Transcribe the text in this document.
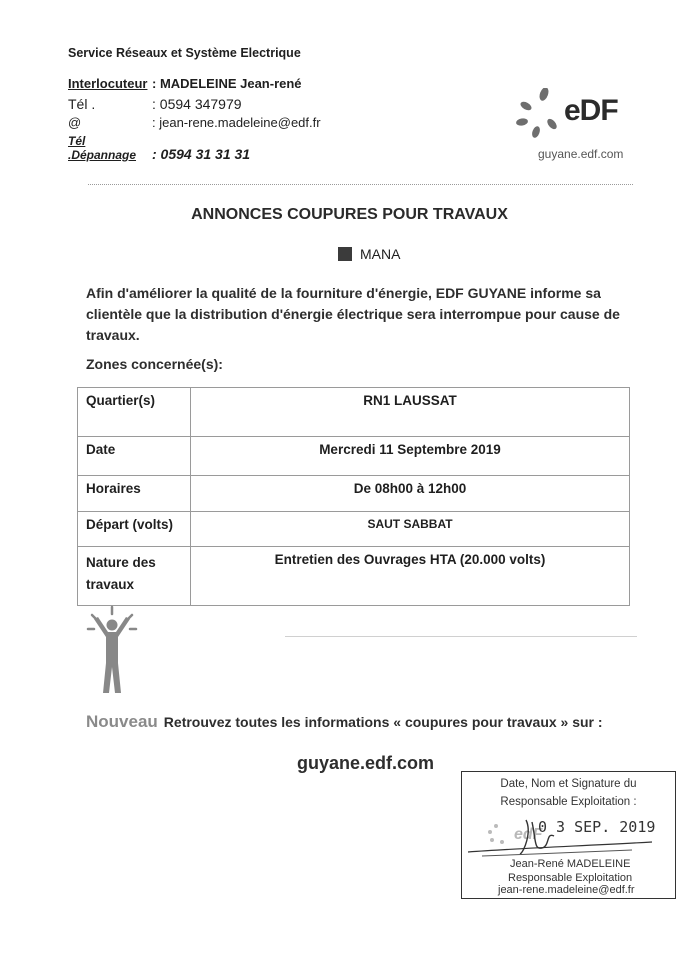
Service Réseaux et Système Electrique
Interlocuteur : MADELEINE Jean-rené
Tél .	: 0594 347979
@	: jean-rene.madeleine@edf.fr
Tél .Dépannage : 0594 31 31 31
eDF
guyane.edf.com
ANNONCES COUPURES POUR TRAVAUX
MANA
Afin d'améliorer la qualité de la fourniture d'énergie, EDF GUYANE informe sa clientèle que la distribution d'énergie électrique sera interrompue pour cause de travaux.
Zones concernée(s):
Quartier(s)	RN1 LAUSSAT
Date	Mercredi 11 Septembre 2019
Horaires	De 08h00 à 12h00
Départ (volts)	SAUT SABBAT
Nature des travaux	Entretien des Ouvrages HTA (20.000 volts)
Nouveau Retrouvez toutes les informations « coupures pour travaux » sur :
guyane.edf.com
Date, Nom et Signature du
Responsable Exploitation :
edF
0 3 SEP. 2019
Jean-René MADELEINE
Responsable Exploitation
jean-rene.madeleine@edf.fr
